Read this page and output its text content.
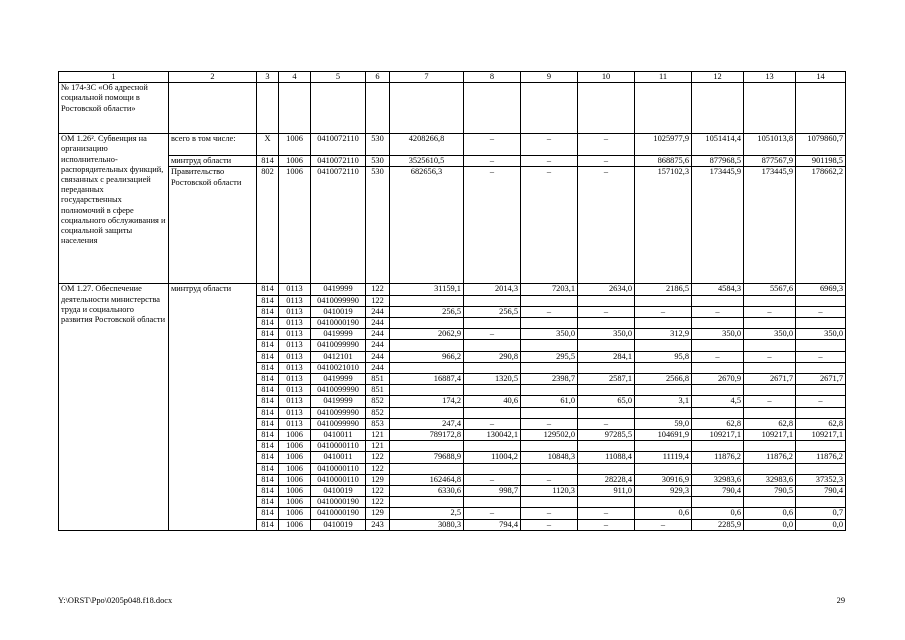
1	2	3	4	5	6	7	8	9	10	11	12	13	14
№ 174-ЗС «Об адресной социальной помощи в Ростовской области»													
ОМ 1.26². Субвенция на организацию исполнительно-распорядительных функций, связанных с реализацией переданных государственных полномочий в сфере социального обслуживания и социальной защиты населения	всего в том числе:	X	1006	0410072110	530	4208266,8	–	–	–	1025977,9	1051414,4	1051013,8	1079860,7
	минтруд области	814	1006	0410072110	530	3525610,5	–	–	–	868875,6	877968,5	877567,9	901198,5
	Правительство Ростовской области	802	1006	0410072110	530	682656,3	–	–	–	157102,3	173445,9	173445,9	178662,2
ОМ 1.27. Обеспечение деятельности министерства труда и социального развития Ростовской области	минтруд области	814	0113	0419999	122	31159,1	2014,3	7203,1	2634,0	2186,5	4584,3	5567,6	6969,3
		814	0113	0410099990	122								
		814	0113	0410019	244	256,5	256,5	–	–	–	–	–	–
		814	0113	0410000190	244								
		814	0113	0419999	244	2062,9	–	350,0	350,0	312,9	350,0	350,0	350,0
		814	0113	0410099990	244								
		814	0113	0412101	244	966,2	290,8	295,5	284,1	95,8	–	–	–
		814	0113	0410021010	244								
		814	0113	0419999	851	16887,4	1320,5	2398,7	2587,1	2566,8	2670,9	2671,7	2671,7
		814	0113	0410099990	851								
		814	0113	0419999	852	174,2	40,6	61,0	65,0	3,1	4,5	–	–
		814	0113	0410099990	852								
		814	0113	0410099990	853	247,4	–	–	–	59,0	62,8	62,8	62,8
		814	1006	0410011	121	789172,8	130042,1	129502,0	97285,5	104691,9	109217,1	109217,1	109217,1
		814	1006	0410000110	121								
		814	1006	0410011	122	79688,9	11004,2	10848,3	11088,4	11119,4	11876,2	11876,2	11876,2
		814	1006	0410000110	122								
		814	1006	0410000110	129	162464,8	–	–	28228,4	30916,9	32983,6	32983,6	37352,3
		814	1006	0410019	122	6330,6	998,7	1120,3	911,0	929,3	790,4	790,5	790,4
		814	1006	0410000190	122								
		814	1006	0410000190	129	2,5	–	–	–	0,6	0,6	0,6	0,7
		814	1006	0410019	243	3080,3	794,4	–	–	–	2285,9	0,0	0,0
Y:\ORST\Ppo\0205p048.f18.docx	29
